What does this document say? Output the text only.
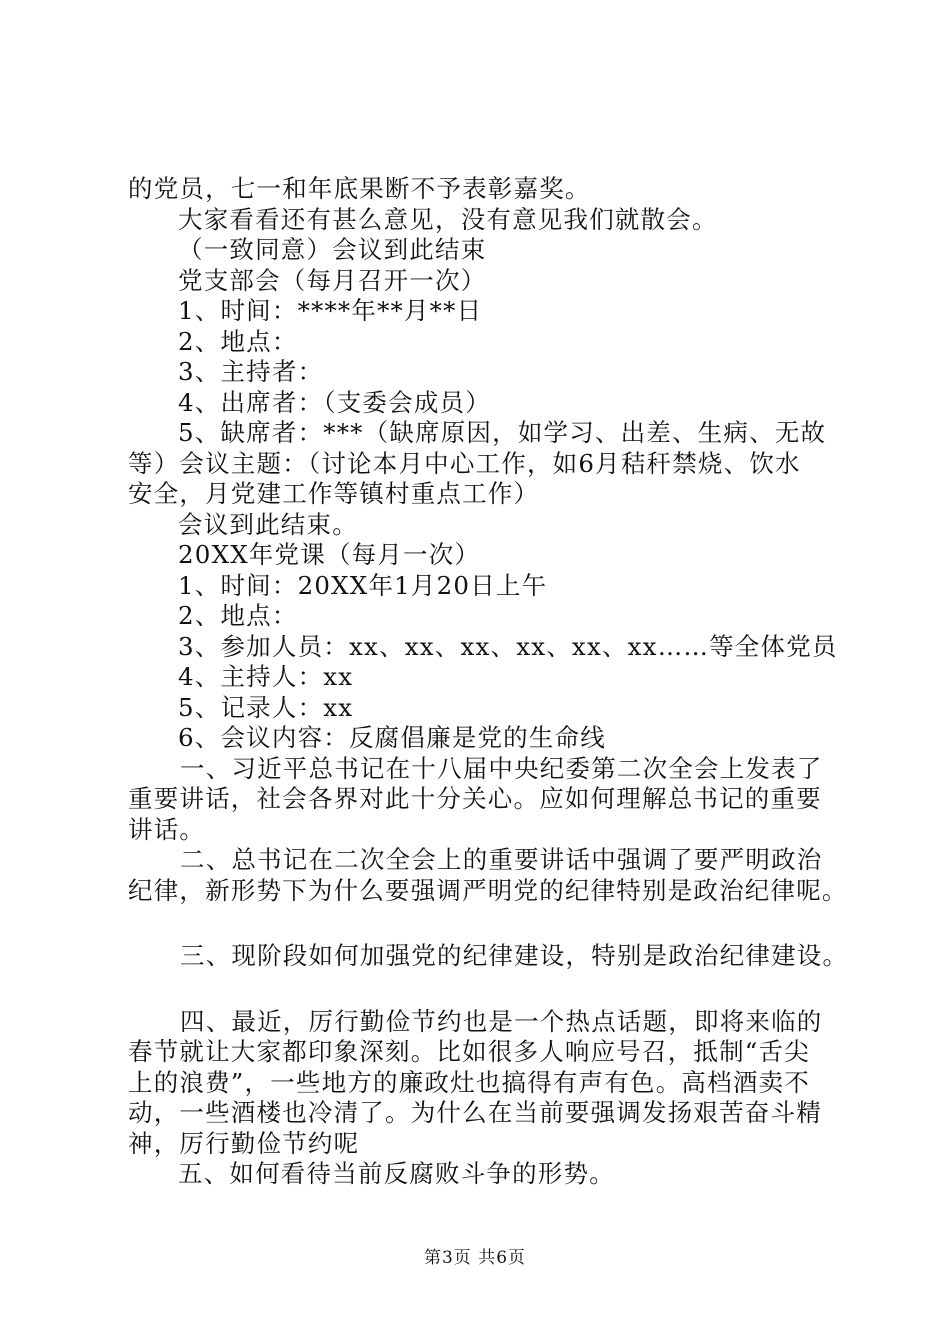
的党员，七一和年底果断不予表彰嘉奖。
大家看看还有甚么意见，没有意见我们就散会。
（一致同意）会议到此结束
党支部会（每月召开一次）
1、时间：****年**月**日
2、地点：
3、主持者：
4、出席者：（支委会成员）
5、缺席者：***（缺席原因，如学习、出差、生病、无故
等）会议主题：（讨论本月中心工作，如6月秸秆禁烧、饮水
安全，月党建工作等镇村重点工作）
会议到此结束。
20XX年党课（每月一次）
1、时间：20XX年1月20日上午
2、地点：
3、参加人员：xx、xx、xx、xx、xx、xx……等全体党员
4、主持人：xx
5、记录人：xx
6、会议内容：反腐倡廉是党的生命线
一、习近平总书记在十八届中央纪委第二次全会上发表了
重要讲话，社会各界对此十分关心。应如何理解总书记的重要
讲话。
二、总书记在二次全会上的重要讲话中强调了要严明政治
纪律，新形势下为什么要强调严明党的纪律特别是政治纪律呢。
三、现阶段如何加强党的纪律建设，特别是政治纪律建设。
四、最近，厉行勤俭节约也是一个热点话题，即将来临的
春节就让大家都印象深刻。比如很多人响应号召，抵制“舌尖
上的浪费”，一些地方的廉政灶也搞得有声有色。高档酒卖不
动，一些酒楼也冷清了。为什么在当前要强调发扬艰苦奋斗精
神，厉行勤俭节约呢
五、如何看待当前反腐败斗争的形势。
第3页 共6页
